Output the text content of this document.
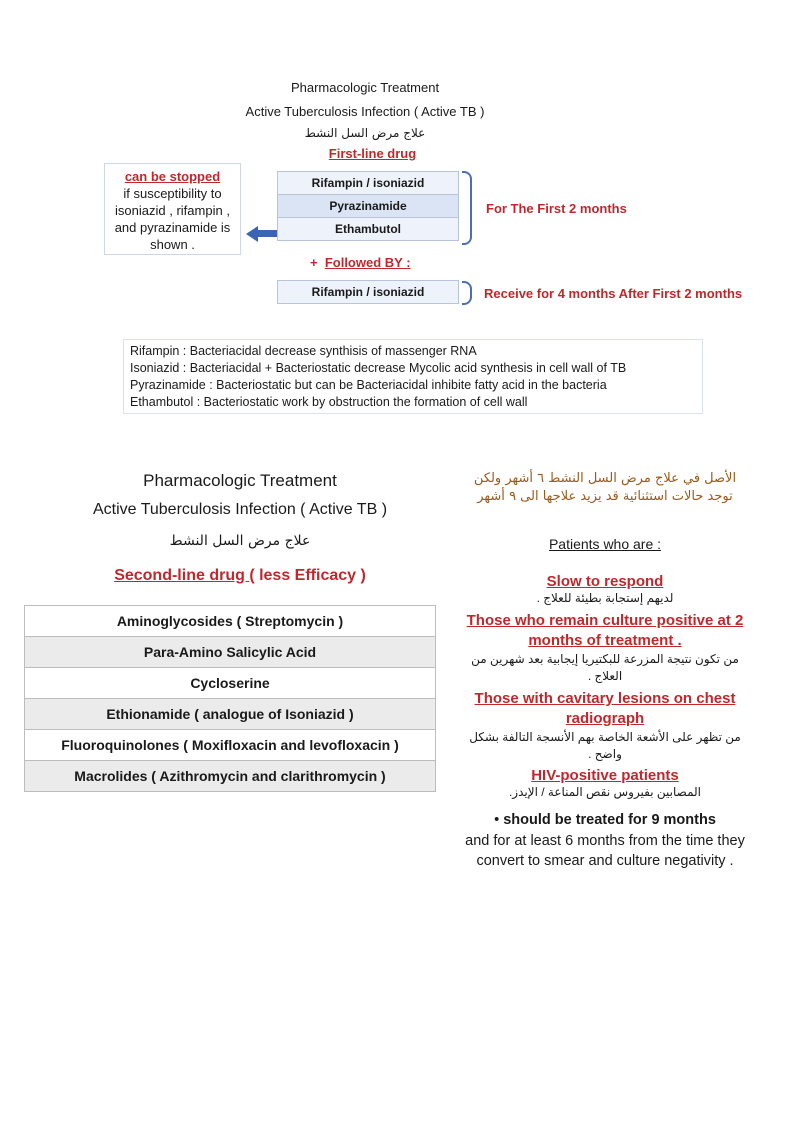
Pharmacologic Treatment
Active Tuberculosis Infection ( Active TB )
علاج مرض السل النشط
First-line drug
can be stopped
if susceptibility to isoniazid , rifampin , and pyrazinamide is shown .
Rifampin / isoniazid
Pyrazinamide
Ethambutol
For The First 2 months
+ Followed BY :
Rifampin / isoniazid	Receive for 4 months After First 2 months
Rifampin : Bacteriacidal decrease synthisis of massenger RNA
Isoniazid : Bacteriacidal + Bacteriostatic decrease Mycolic acid synthesis in cell wall of TB
Pyrazinamide : Bacteriostatic but can be Bacteriacidal inhibite fatty acid in the bacteria
Ethambutol : Bacteriostatic work by obstruction the formation of cell wall
Pharmacologic Treatment
Active Tuberculosis Infection ( Active TB )
علاج مرض السل النشط
Second-line drug ( less Efficacy )
Aminoglycosides ( Streptomycin )
Para-Amino Salicylic Acid
Cycloserine
Ethionamide ( analogue of Isoniazid )
Fluoroquinolones ( Moxifloxacin and levofloxacin )
Macrolides ( Azithromycin and clarithromycin )
الأصل في علاج مرض السل النشط ٦ أشهر ولكن توجد حالات استثنائية قد يزيد علاجها الى ٩ أشهر
Patients who are :
Slow to respond
لديهم إستجابة بطيئة للعلاج .
Those who remain culture positive at 2 months of treatment .
من تكون نتيجة المزرعة للبكتيريا إيجابية بعد شهرين من العلاج .
Those with cavitary lesions on chest radiograph
من تظهر على الأشعة الخاصة بهم الأنسجة التالفة بشكل واضح .
HIV-positive patients
المصابين بفيروس نقص المناعة / الإيدز.
• should be treated for 9 months
and for at least 6 months from the time they convert to smear and culture negativity .
